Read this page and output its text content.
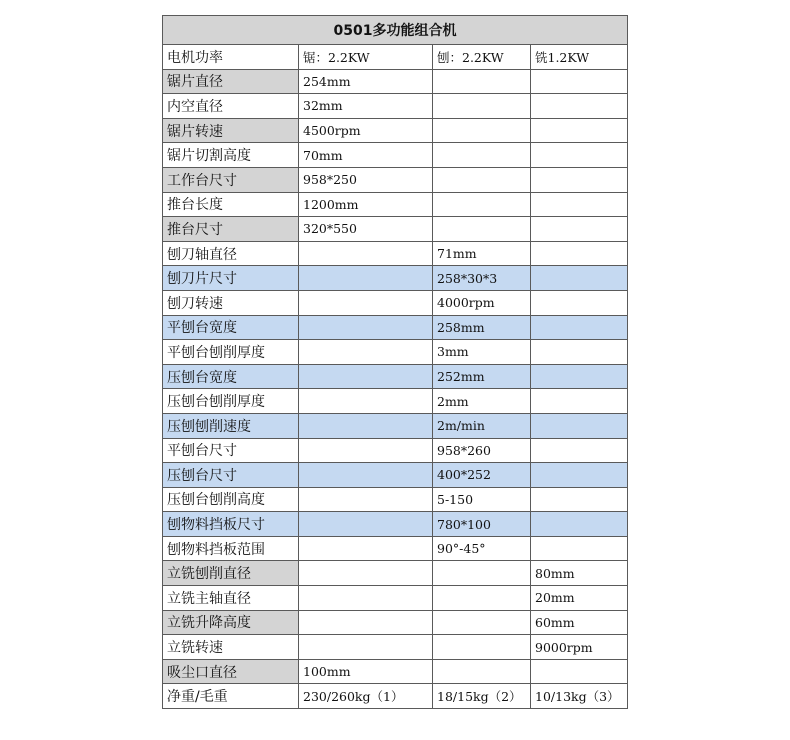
0501多功能组合机			
电机功率	锯：2.2KW	刨：2.2KW	铣1.2KW
锯片直径	254mm		
内空直径	32mm		
锯片转速	4500rpm		
锯片切割高度	70mm		
工作台尺寸	958*250		
推台长度	1200mm		
推台尺寸	320*550		
刨刀轴直径		71mm	
刨刀片尺寸		258*30*3	
刨刀转速		4000rpm	
平刨台宽度		258mm	
平刨台刨削厚度		3mm	
压刨台宽度		252mm	
压刨台刨削厚度		2mm	
压刨刨削速度		2m/min	
平刨台尺寸		958*260	
压刨台尺寸		400*252	
压刨台刨削高度		5-150	
刨物料挡板尺寸		780*100	
刨物料挡板范围		90°-45°	
立铣刨削直径			80mm
立铣主轴直径			20mm
立铣升降高度			60mm
立铣转速			9000rpm
吸尘口直径	100mm		
净重/毛重	230/260kg（1）	18/15kg（2）	10/13kg（3）
